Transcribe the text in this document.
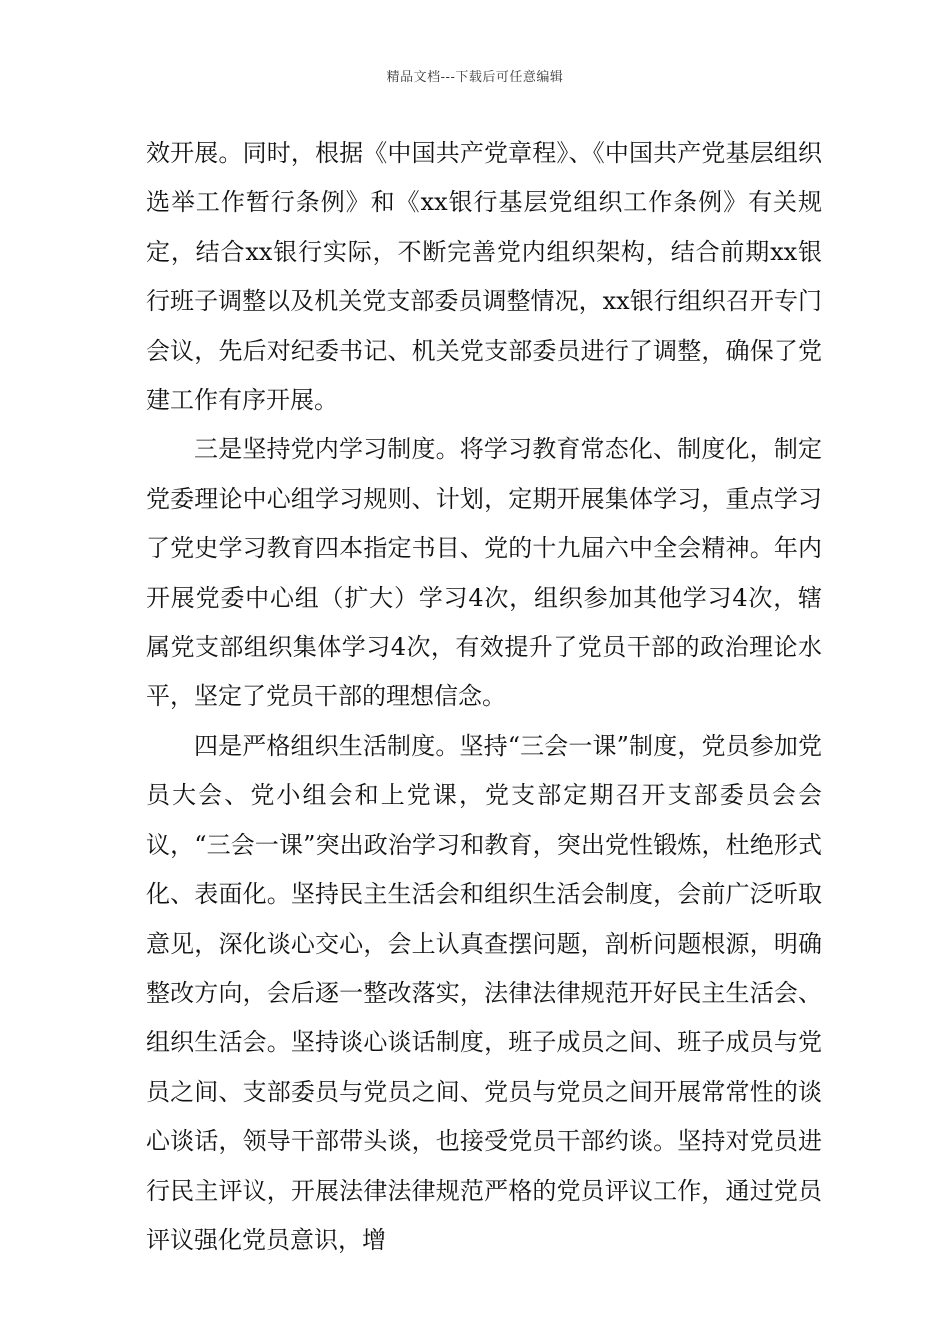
精品文档---下载后可任意编辑

效开展。同时，根据《中国共产党章程》、《中国共产党基层组织选举工作暂行条例》和《xx银行基层党组织工作条例》有关规定，结合xx银行实际，不断完善党内组织架构，结合前期xx银行班子调整以及机关党支部委员调整情况，xx银行组织召开专门会议，先后对纪委书记、机关党支部委员进行了调整，确保了党建工作有序开展。

三是坚持党内学习制度。将学习教育常态化、制度化，制定党委理论中心组学习规则、计划，定期开展集体学习，重点学习了党史学习教育四本指定书目、党的十九届六中全会精神。年内开展党委中心组（扩大）学习4次，组织参加其他学习4次，辖属党支部组织集体学习4次，有效提升了党员干部的政治理论水平，坚定了党员干部的理想信念。

四是严格组织生活制度。坚持“三会一课”制度，党员参加党员大会、党小组会和上党课，党支部定期召开支部委员会会议，“三会一课”突出政治学习和教育，突出党性锻炼，杜绝形式化、表面化。坚持民主生活会和组织生活会制度，会前广泛听取意见，深化谈心交心，会上认真查摆问题，剖析问题根源，明确整改方向，会后逐一整改落实，法律法律规范开好民主生活会、组织生活会。坚持谈心谈话制度，班子成员之间、班子成员与党员之间、支部委员与党员之间、党员与党员之间开展常常性的谈心谈话，领导干部带头谈，也接受党员干部约谈。坚持对党员进行民主评议，开展法律法律规范严格的党员评议工作，通过党员评议强化党员意识，增
